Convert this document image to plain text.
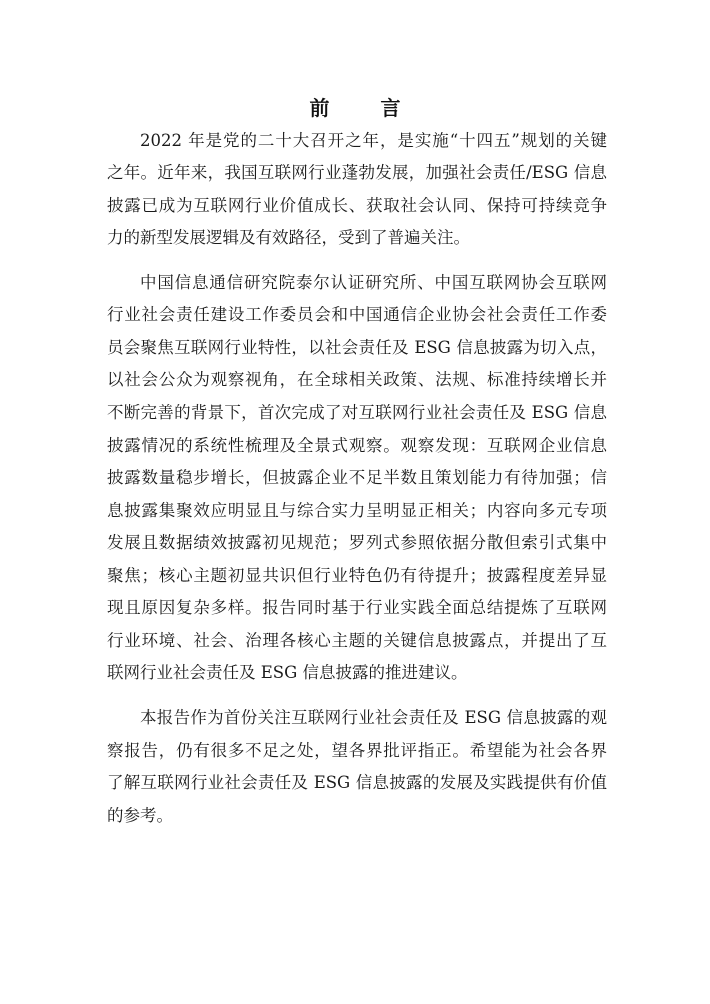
前 言
2022 年是党的二十大召开之年，是实施“十四五”规划的关键
之年。近年来，我国互联网行业蓬勃发展，加强社会责任/ESG 信息
披露已成为互联网行业价值成长、获取社会认同、保持可持续竞争
力的新型发展逻辑及有效路径，受到了普遍关注。
中国信息通信研究院泰尔认证研究所、中国互联网协会互联网
行业社会责任建设工作委员会和中国通信企业协会社会责任工作委
员会聚焦互联网行业特性，以社会责任及 ESG 信息披露为切入点，
以社会公众为观察视角，在全球相关政策、法规、标准持续增长并
不断完善的背景下，首次完成了对互联网行业社会责任及 ESG 信息
披露情况的系统性梳理及全景式观察。观察发现：互联网企业信息
披露数量稳步增长，但披露企业不足半数且策划能力有待加强；信
息披露集聚效应明显且与综合实力呈明显正相关；内容向多元专项
发展且数据绩效披露初见规范；罗列式参照依据分散但索引式集中
聚焦；核心主题初显共识但行业特色仍有待提升；披露程度差异显
现且原因复杂多样。报告同时基于行业实践全面总结提炼了互联网
行业环境、社会、治理各核心主题的关键信息披露点，并提出了互
联网行业社会责任及 ESG 信息披露的推进建议。
本报告作为首份关注互联网行业社会责任及 ESG 信息披露的观
察报告，仍有很多不足之处，望各界批评指正。希望能为社会各界
了解互联网行业社会责任及 ESG 信息披露的发展及实践提供有价值
的参考。
